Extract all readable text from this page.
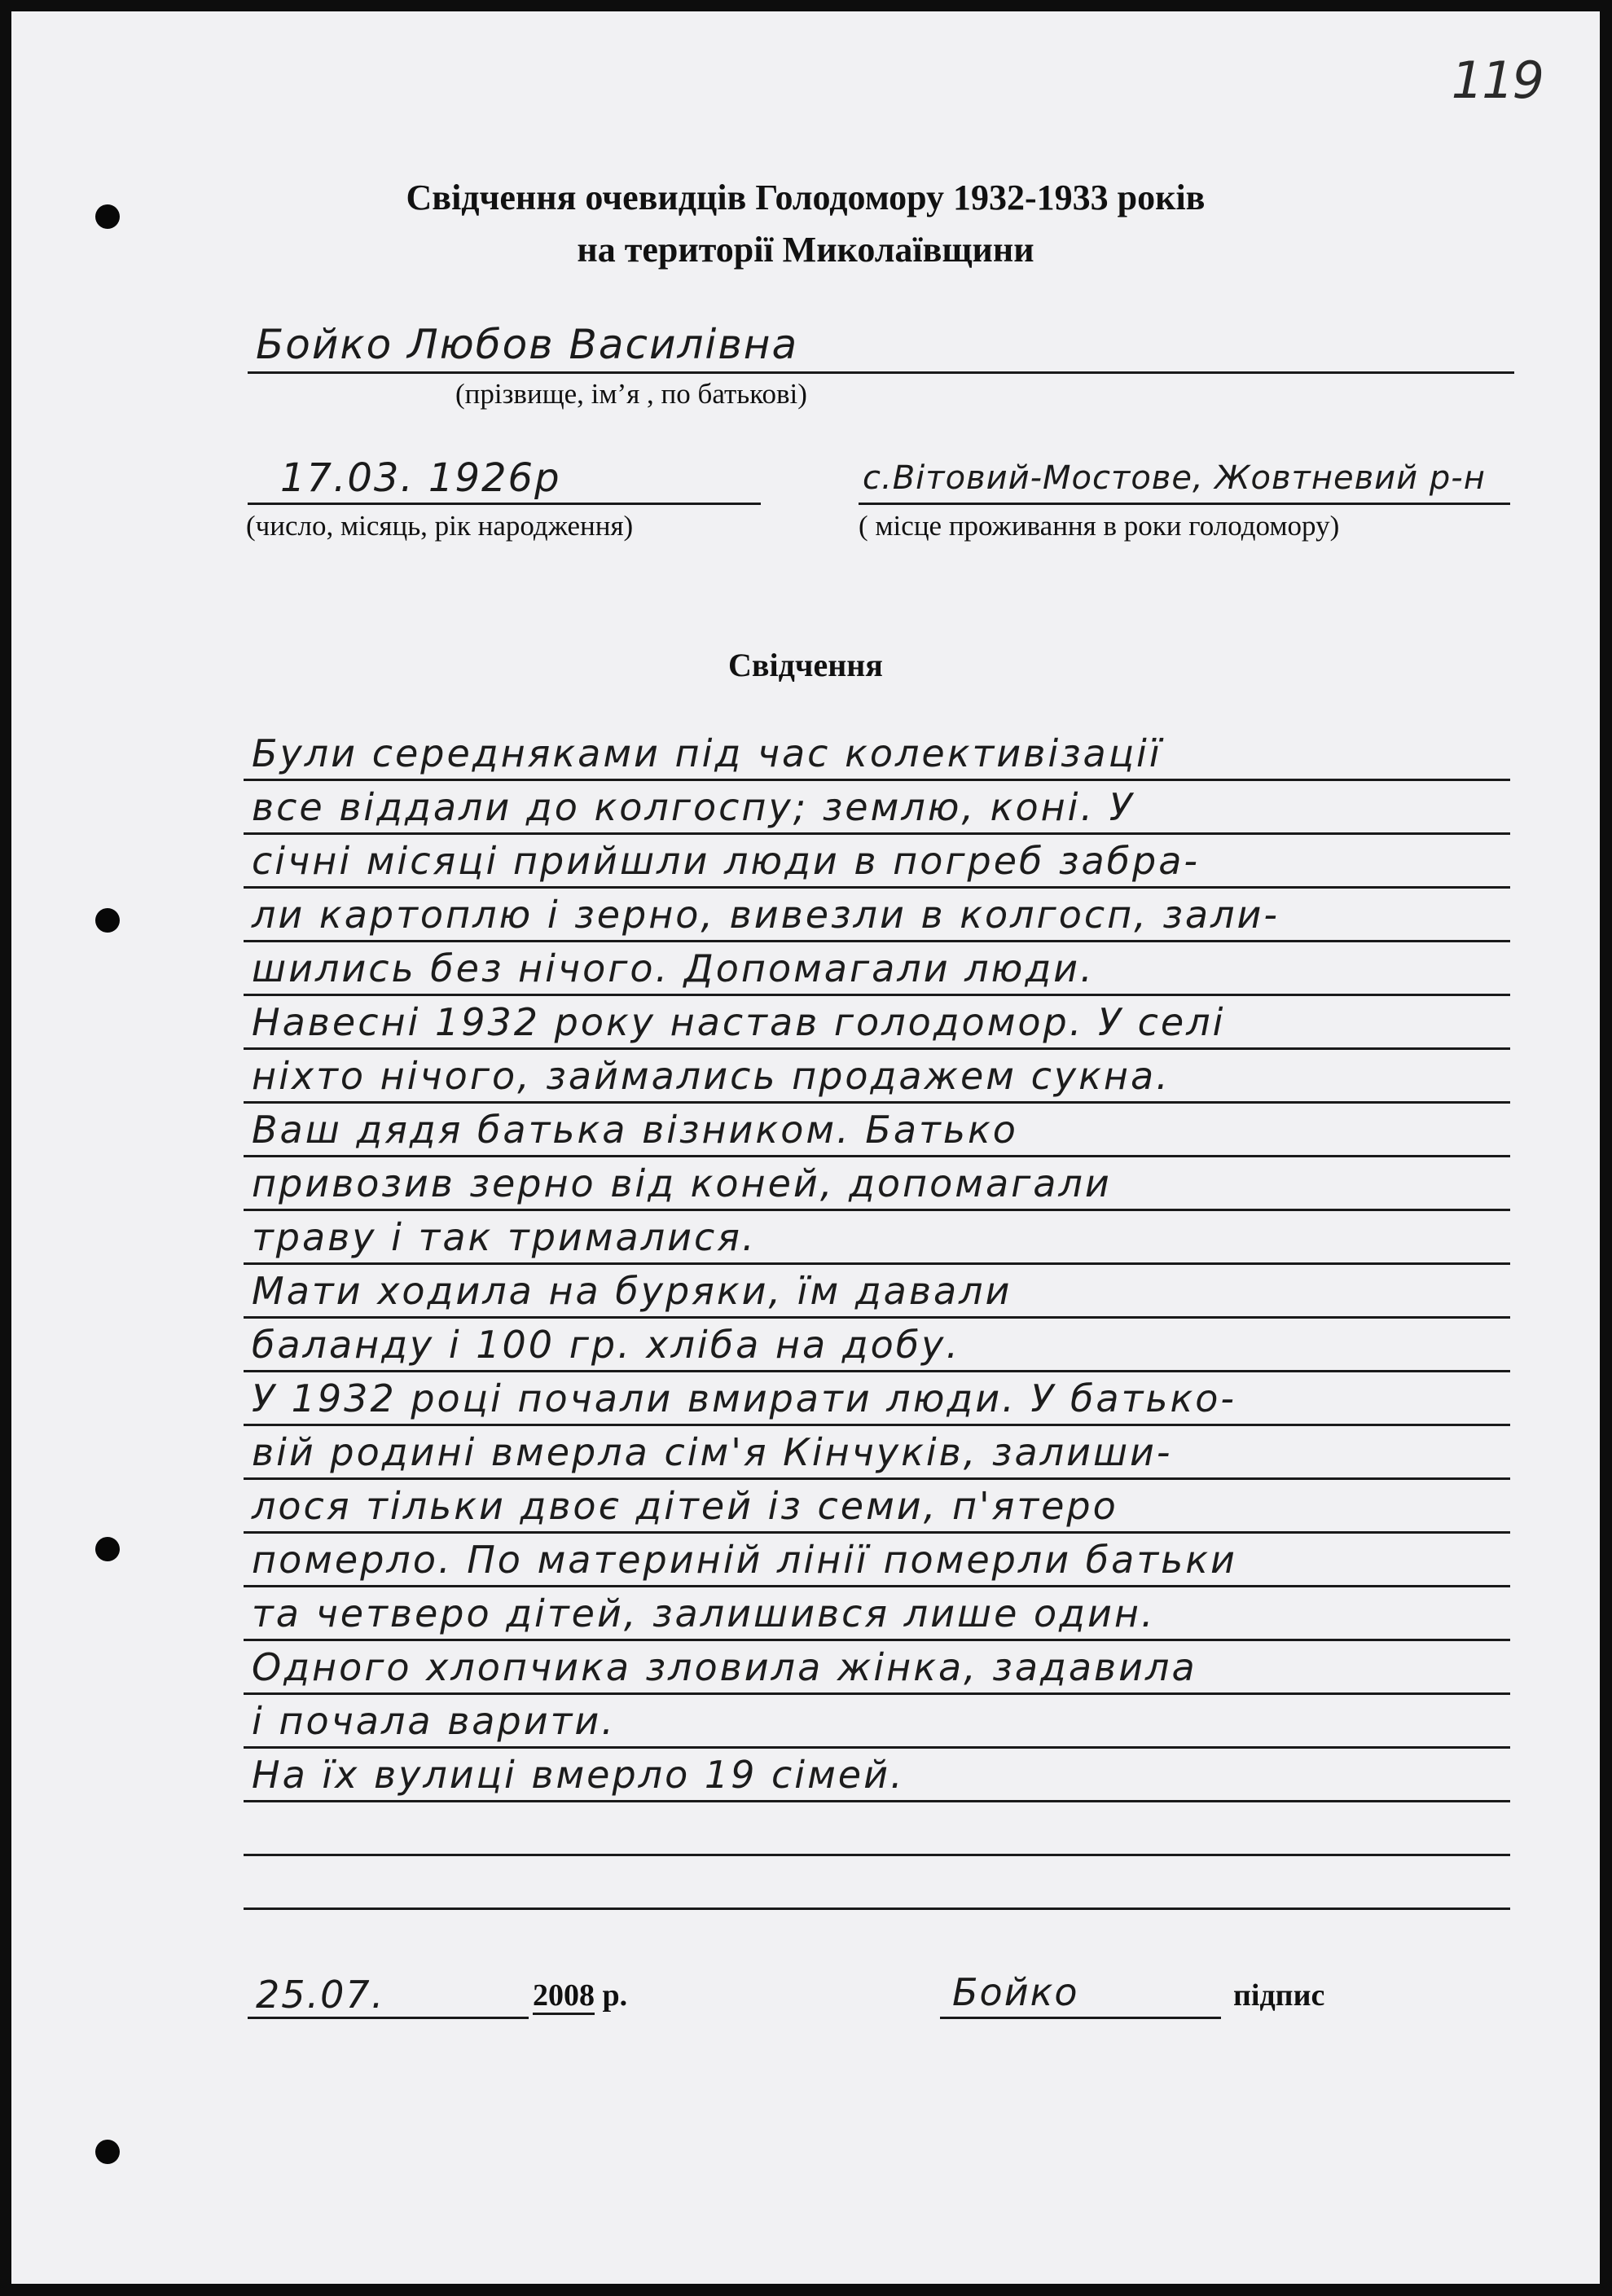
119
Свідчення очевидців Голодомору 1932-1933 років
на території Миколаївщини
Бойко Любов Василівна
(прізвище, ім’я , по батькові)
17.03. 1926р
(число, місяць, рік народження)
с.Вітовий-Мостове, Жовтневий р-н
( місце проживання в роки голодомору)
Свідчення
Були середняками під час колективізації
все віддали до колгоспу; землю, коні. У
січні місяці прийшли люди в погреб забра-
ли картоплю і зерно, вивезли в колгосп, зали-
шились без нічого. Допомагали люди.
Навесні 1932 року настав голодомор. У селі
ніхто нічого, займались продажем сукна.
Ваш дядя батька візником. Батько
привозив зерно від коней, допомагали
траву і так трималися.
Мати ходила на буряки, їм давали
баланду і 100 гр. хліба на добу.
У 1932 році почали вмирати люди. У батько-
вій родині вмерла сім'я Кінчуків, залиши-
лося тільки двоє дітей із семи, п'ятеро
померло. По материній лінії померли батьки
та четверо дітей, залишився лише один.
Одного хлопчика зловила жінка, задавила
і почала варити.
На їх вулиці вмерло 19 сімей.
25.07.	2008 р.	Бойко	підпис
